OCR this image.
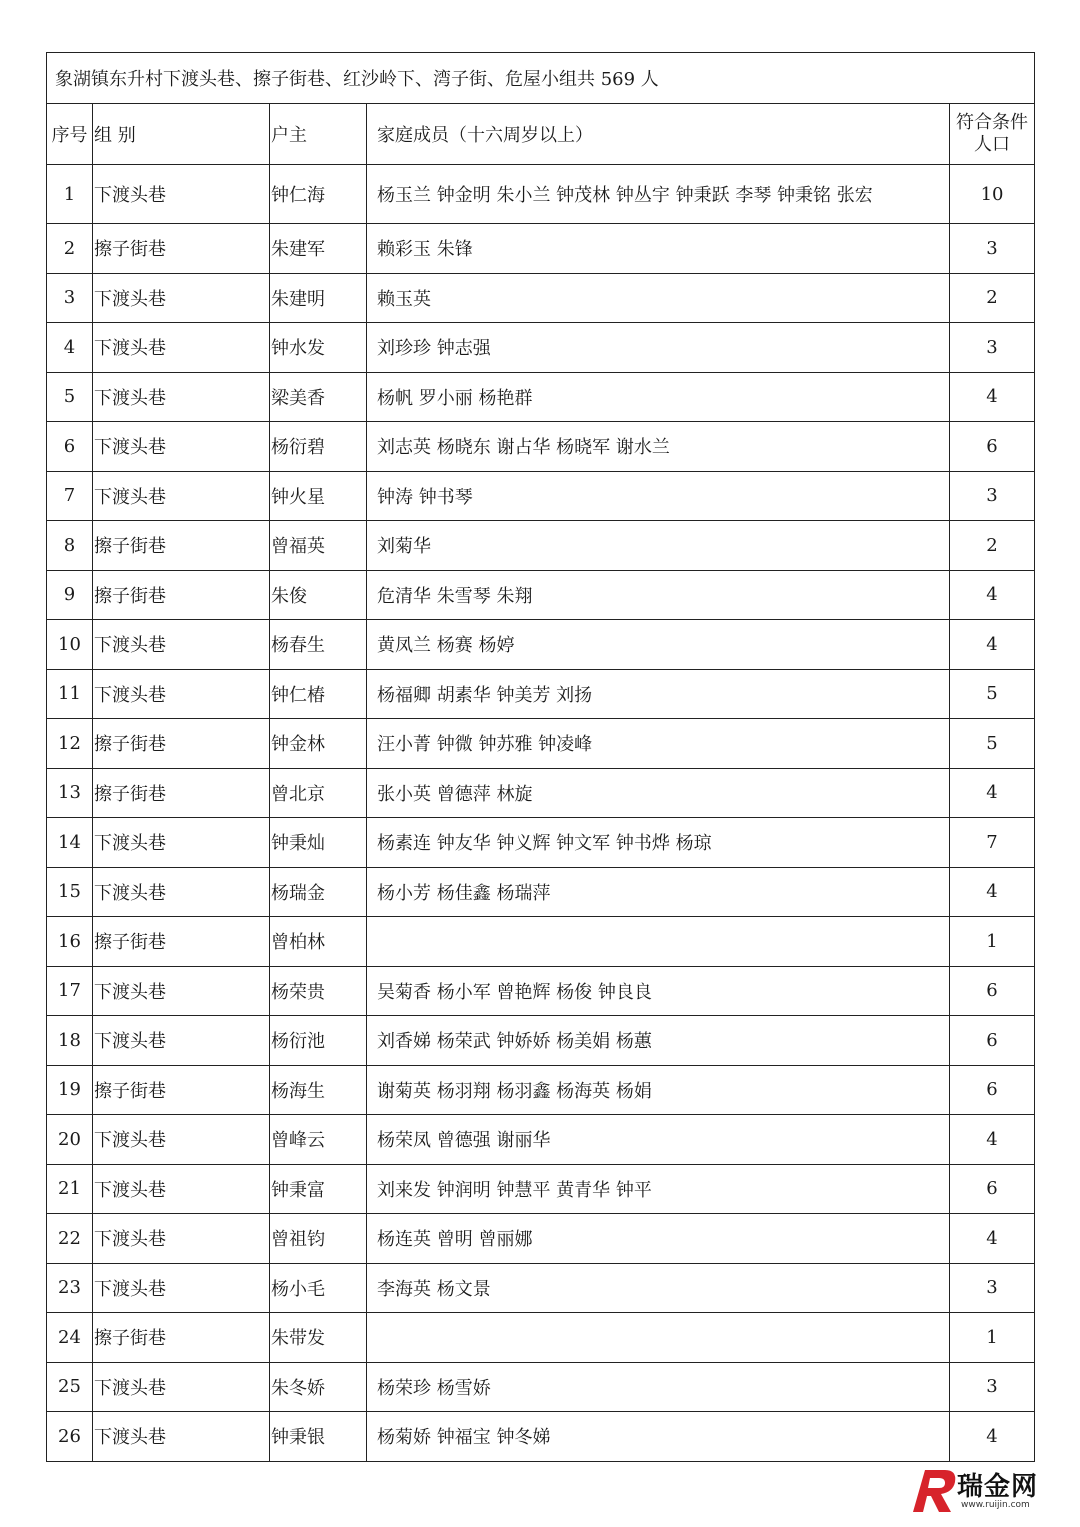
象湖镇东升村下渡头巷、擦子街巷、红沙岭下、湾子街、危屋小组共 569 人				
序号	组 别	户主	家庭成员（十六周岁以上）	符合条件人口
1	下渡头巷	钟仁海	杨玉兰 钟金明 朱小兰 钟茂林 钟丛宇 钟秉跃 李琴 钟秉铭 张宏	10
2	擦子街巷	朱建军	赖彩玉 朱锋	3
3	下渡头巷	朱建明	赖玉英	2
4	下渡头巷	钟水发	刘珍珍 钟志强	3
5	下渡头巷	梁美香	杨帆 罗小丽 杨艳群	4
6	下渡头巷	杨衍碧	刘志英 杨晓东 谢占华 杨晓军 谢水兰	6
7	下渡头巷	钟火星	钟涛 钟书琴	3
8	擦子街巷	曾福英	刘菊华	2
9	擦子街巷	朱俊	危清华 朱雪琴 朱翔	4
10	下渡头巷	杨春生	黄凤兰 杨赛 杨婷	4
11	下渡头巷	钟仁椿	杨福卿 胡素华 钟美芳 刘扬	5
12	擦子街巷	钟金林	汪小菁 钟微 钟苏雅 钟凌峰	5
13	擦子街巷	曾北京	张小英 曾德萍 林旋	4
14	下渡头巷	钟秉灿	杨素连 钟友华 钟义辉 钟文军 钟书烨 杨琼	7
15	下渡头巷	杨瑞金	杨小芳 杨佳鑫 杨瑞萍	4
16	擦子街巷	曾柏林		1
17	下渡头巷	杨荣贵	吴菊香 杨小军 曾艳辉 杨俊 钟良良	6
18	下渡头巷	杨衍池	刘香娣 杨荣武 钟娇娇 杨美娟 杨蕙	6
19	擦子街巷	杨海生	谢菊英 杨羽翔 杨羽鑫 杨海英 杨娟	6
20	下渡头巷	曾峰云	杨荣凤 曾德强 谢丽华	4
21	下渡头巷	钟秉富	刘来发 钟润明 钟慧平 黄青华 钟平	6
22	下渡头巷	曾祖钧	杨连英 曾明 曾丽娜	4
23	下渡头巷	杨小毛	李海英 杨文景	3
24	擦子街巷	朱带发		1
25	下渡头巷	朱冬娇	杨荣珍 杨雪娇	3
26	下渡头巷	钟秉银	杨菊娇 钟福宝 钟冬娣	4
瑞金网
www.ruijin.com
